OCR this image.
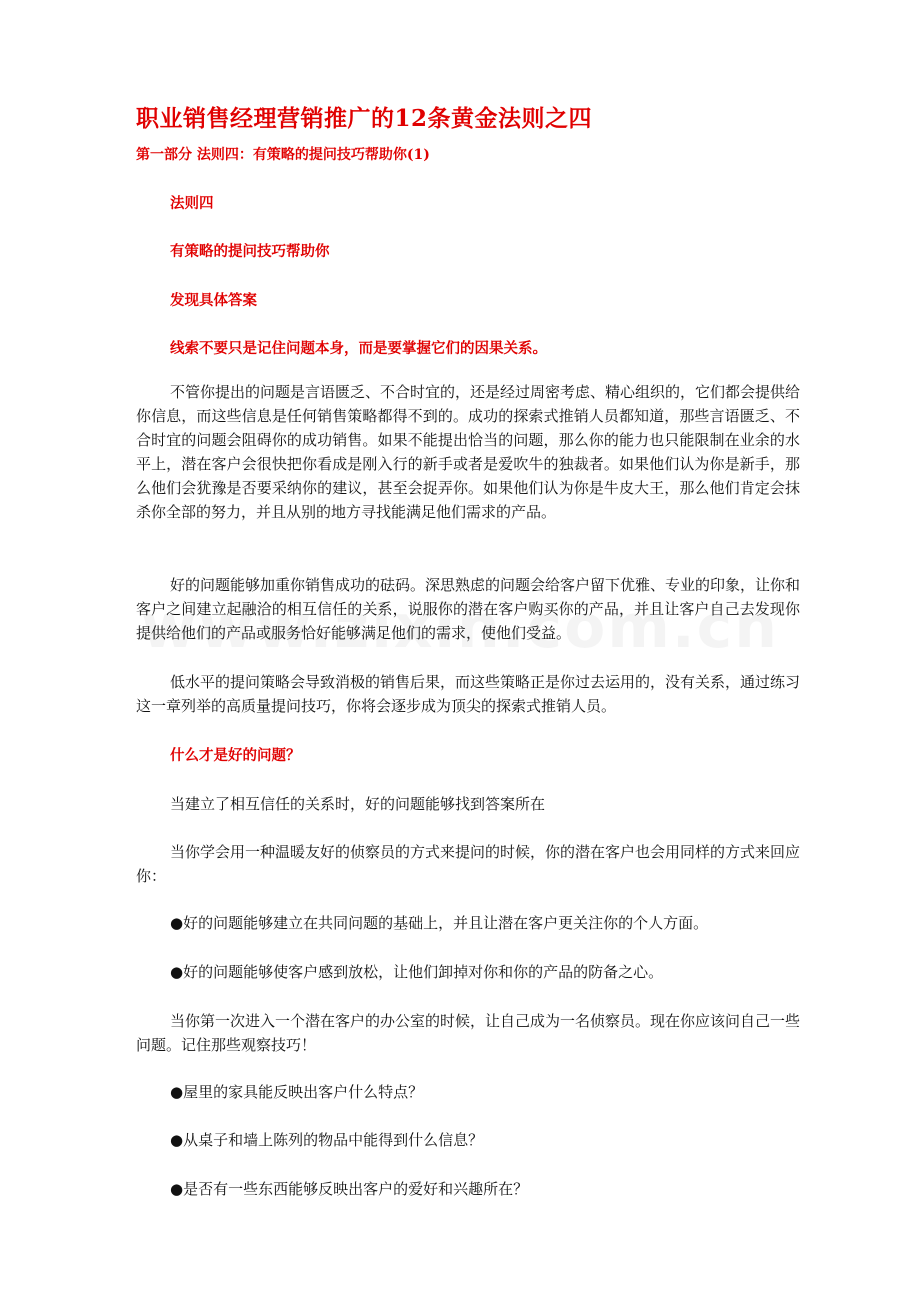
职业销售经理营销推广的12条黄金法则之四
第一部分 法则四：有策略的提问技巧帮助你(1)
法则四
有策略的提问技巧帮助你
发现具体答案
线索不要只是记住问题本身，而是要掌握它们的因果关系。
不管你提出的问题是言语匮乏、不合时宜的，还是经过周密考虑、精心组织的，它们都会提供给你信息，而这些信息是任何销售策略都得不到的。成功的探索式推销人员都知道，那些言语匮乏、不合时宜的问题会阻碍你的成功销售。如果不能提出恰当的问题，那么你的能力也只能限制在业余的水平上，潜在客户会很快把你看成是刚入行的新手或者是爱吹牛的独裁者。如果他们认为你是新手，那么他们会犹豫是否要采纳你的建议，甚至会捉弄你。如果他们认为你是牛皮大王，那么他们肯定会抹杀你全部的努力，并且从别的地方寻找能满足他们需求的产品。
好的问题能够加重你销售成功的砝码。深思熟虑的问题会给客户留下优雅、专业的印象，让你和客户之间建立起融洽的相互信任的关系，说服你的潜在客户购买你的产品，并且让客户自己去发现你提供给他们的产品或服务恰好能够满足他们的需求，使他们受益。
低水平的提问策略会导致消极的销售后果，而这些策略正是你过去运用的，没有关系，通过练习这一章列举的高质量提问技巧，你将会逐步成为顶尖的探索式推销人员。
什么才是好的问题？
当建立了相互信任的关系时，好的问题能够找到答案所在
当你学会用一种温暖友好的侦察员的方式来提问的时候，你的潜在客户也会用同样的方式来回应你：
●好的问题能够建立在共同问题的基础上，并且让潜在客户更关注你的个人方面。
●好的问题能够使客户感到放松，让他们卸掉对你和你的产品的防备之心。
当你第一次进入一个潜在客户的办公室的时候，让自己成为一名侦察员。现在你应该问自己一些问题。记住那些观察技巧！
●屋里的家具能反映出客户什么特点？
●从桌子和墙上陈列的物品中能得到什么信息？
●是否有一些东西能够反映出客户的爱好和兴趣所在？
